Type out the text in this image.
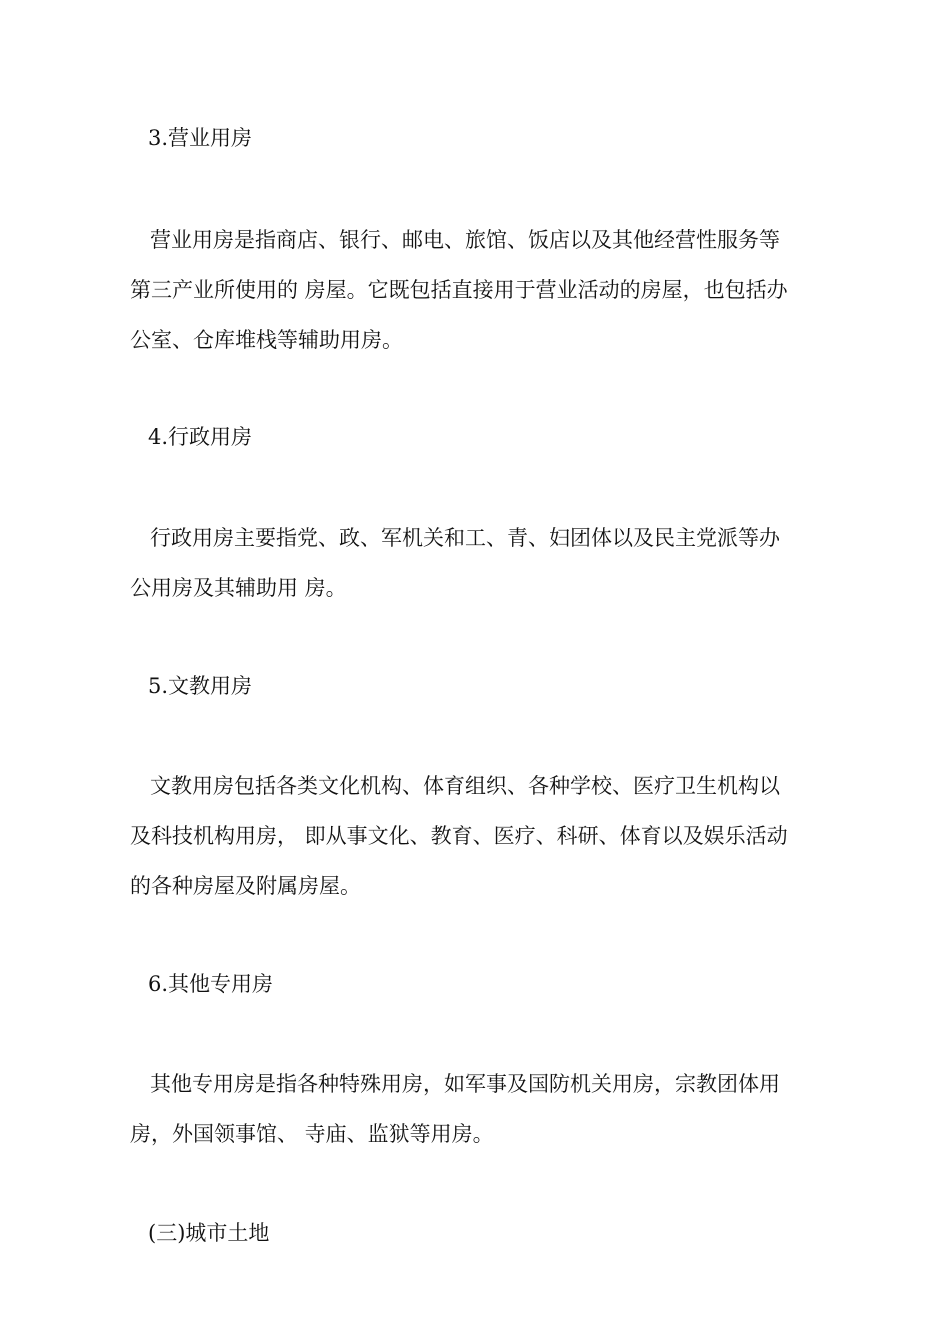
3.营业用房
营业用房是指商店、银行、邮电、旅馆、饭店以及其他经营性服务等
第三产业所使用的 房屋。它既包括直接用于营业活动的房屋，也包括办
公室、仓库堆栈等辅助用房。
4.行政用房
行政用房主要指党、政、军机关和工、青、妇团体以及民主党派等办
公用房及其辅助用 房。
5.文教用房
文教用房包括各类文化机构、体育组织、各种学校、医疗卫生机构以
及科技机构用房， 即从事文化、教育、医疗、科研、体育以及娱乐活动
的各种房屋及附属房屋。
6.其他专用房
其他专用房是指各种特殊用房，如军事及国防机关用房，宗教团体用
房，外国领事馆、 寺庙、监狱等用房。
(三)城市土地
